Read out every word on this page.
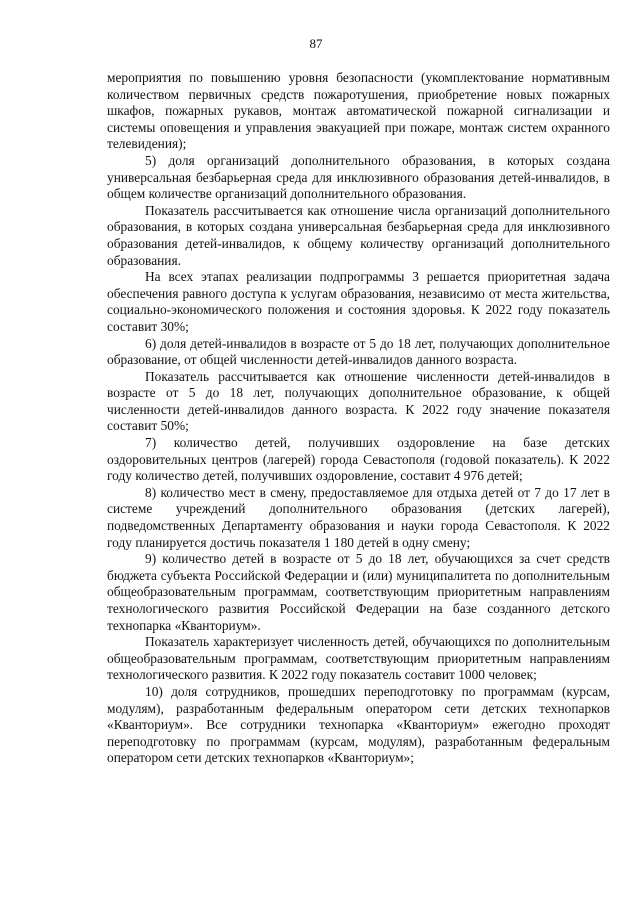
87

мероприятия по повышению уровня безопасности (укомплектование нормативным количеством первичных средств пожаротушения, приобретение новых пожарных шкафов, пожарных рукавов, монтаж автоматической пожарной сигнализации и системы оповещения и управления эвакуацией при пожаре, монтаж систем охранного телевидения);

5) доля организаций дополнительного образования, в которых создана универсальная безбарьерная среда для инклюзивного образования детей-инвалидов, в общем количестве организаций дополнительного образования.

Показатель рассчитывается как отношение числа организаций дополнительного образования, в которых создана универсальная безбарьерная среда для инклюзивного образования детей-инвалидов, к общему количеству организаций дополнительного образования.

На всех этапах реализации подпрограммы 3 решается приоритетная задача обеспечения равного доступа к услугам образования, независимо от места жительства, социально-экономического положения и состояния здоровья. К 2022 году показатель составит 30%;

6) доля детей-инвалидов в возрасте от 5 до 18 лет, получающих дополнительное образование, от общей численности детей-инвалидов данного возраста.

Показатель рассчитывается как отношение численности детей-инвалидов в возрасте от 5 до 18 лет, получающих дополнительное образование, к общей численности детей-инвалидов данного возраста. К 2022 году значение показателя составит 50%;

7) количество детей, получивших оздоровление на базе детских оздоровительных центров (лагерей) города Севастополя (годовой показатель). К 2022 году количество детей, получивших оздоровление, составит 4 976 детей;

8) количество мест в смену, предоставляемое для отдыха детей от 7 до 17 лет в системе учреждений дополнительного образования (детских лагерей), подведомственных Департаменту образования и науки города Севастополя. К 2022 году планируется достичь показателя 1 180 детей в одну смену;

9) количество детей в возрасте от 5 до 18 лет, обучающихся за счет средств бюджета субъекта Российской Федерации и (или) муниципалитета по дополнительным общеобразовательным программам, соответствующим приоритетным направлениям технологического развития Российской Федерации на базе созданного детского технопарка «Кванториум».

Показатель характеризует численность детей, обучающихся по дополнительным общеобразовательным программам, соответствующим приоритетным направлениям технологического развития. К 2022 году показатель составит 1000 человек;

10) доля сотрудников, прошедших переподготовку по программам (курсам, модулям), разработанным федеральным оператором сети детских технопарков «Кванториум». Все сотрудники технопарка «Кванториум» ежегодно проходят переподготовку по программам (курсам, модулям), разработанным федеральным оператором сети детских технопарков «Кванториум»;
